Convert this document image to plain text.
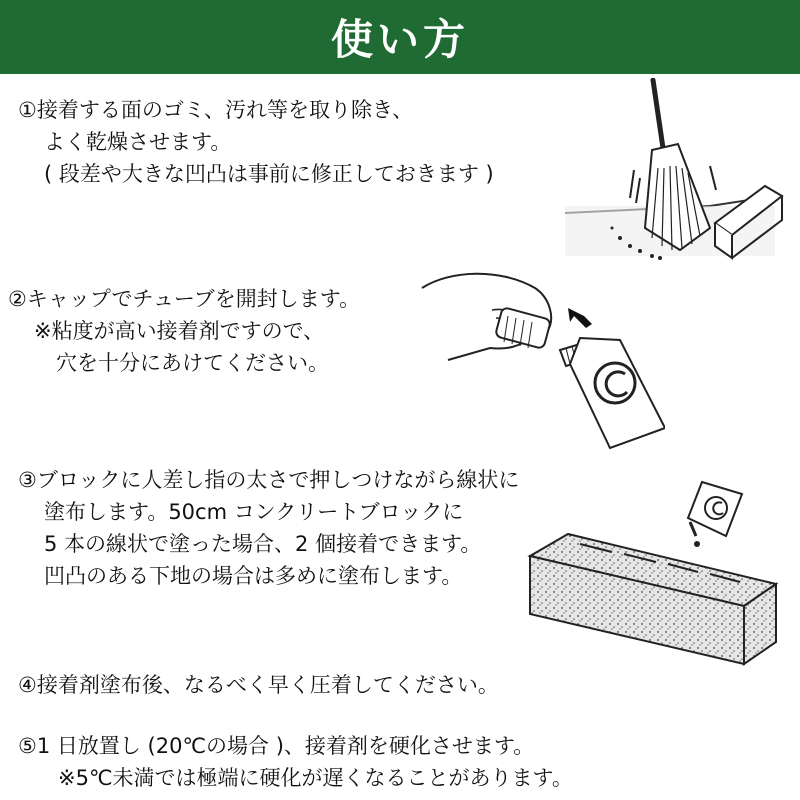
使い方
①接着する面のゴミ、汚れ等を取り除き、
よく乾燥させます。
( 段差や大きな凹凸は事前に修正しておきます )
②キャップでチューブを開封します。
※粘度が高い接着剤ですので、
穴を十分にあけてください。
③ブロックに人差し指の太さで押しつけながら線状に
塗布します。50cm コンクリートブロックに
5 本の線状で塗った場合、2 個接着できます。
凹凸のある下地の場合は多めに塗布します。
④接着剤塗布後、なるべく早く圧着してください。
⑤1 日放置し (20℃の場合 )、接着剤を硬化させます。
※5℃未満では極端に硬化が遅くなることがあります。
